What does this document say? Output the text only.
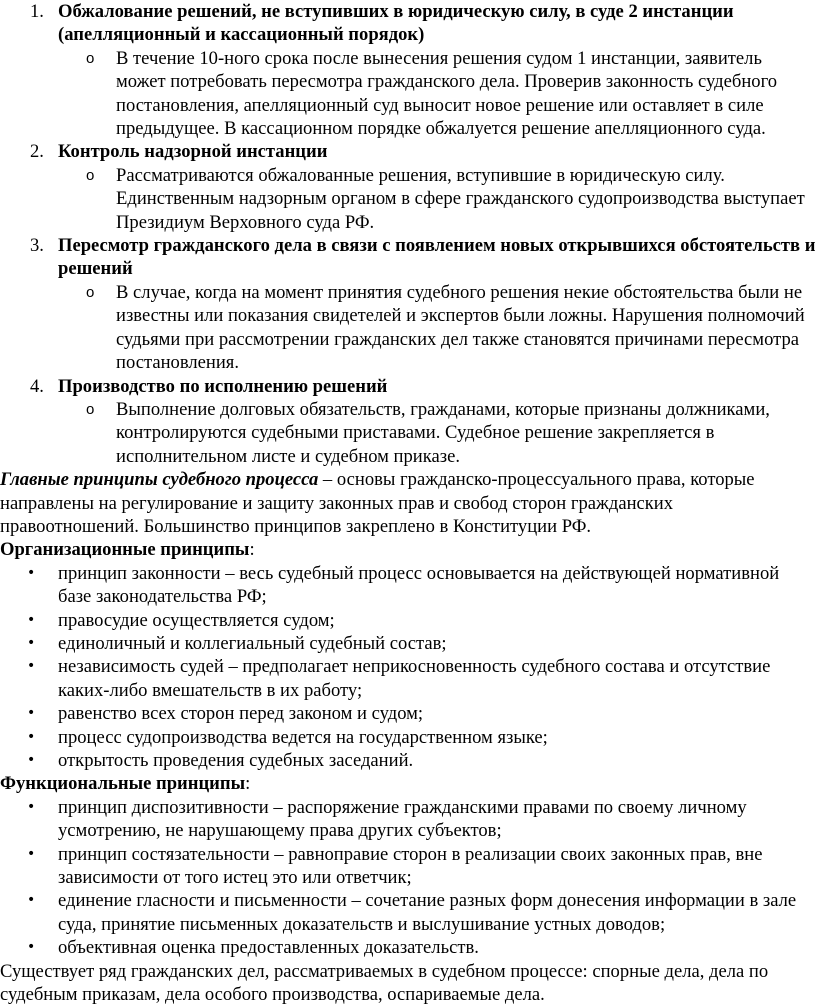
1. Обжалование решений, не вступивших в юридическую силу, в суде 2 инстанции (апелляционный и кассационный порядок)
o В течение 10-ного срока после вынесения решения судом 1 инстанции, заявитель может потребовать пересмотра гражданского дела. Проверив законность судебного постановления, апелляционный суд выносит новое решение или оставляет в силе предыдущее. В кассационном порядке обжалуется решение апелляционного суда.
2. Контроль надзорной инстанции
o Рассматриваются обжалованные решения, вступившие в юридическую силу. Единственным надзорным органом в сфере гражданского судопроизводства выступает Президиум Верховного суда РФ.
3. Пересмотр гражданского дела в связи с появлением новых открывшихся обстоятельств и решений
o В случае, когда на момент принятия судебного решения некие обстоятельства были не известны или показания свидетелей и экспертов были ложны. Нарушения полномочий судьями при рассмотрении гражданских дел также становятся причинами пересмотра постановления.
4. Производство по исполнению решений
o Выполнение долговых обязательств, гражданами, которые признаны должниками, контролируются судебными приставами. Судебное решение закрепляется в исполнительном листе и судебном приказе.

Главные принципы судебного процесса – основы гражданско-процессуального права, которые направлены на регулирование и защиту законных прав и свобод сторон гражданских правоотношений. Большинство принципов закреплено в Конституции РФ.

Организационные принципы:

• принцип законности – весь судебный процесс основывается на действующей нормативной базе законодательства РФ;
• правосудие осуществляется судом;
• единоличный и коллегиальный судебный состав;
• независимость судей – предполагает неприкосновенность судебного состава и отсутствие каких-либо вмешательств в их работу;
• равенство всех сторон перед законом и судом;
• процесс судопроизводства ведется на государственном языке;
• открытость проведения судебных заседаний.

Функциональные принципы:

• принцип диспозитивности – распоряжение гражданскими правами по своему личному усмотрению, не нарушающему права других субъектов;
• принцип состязательности – равноправие сторон в реализации своих законных прав, вне зависимости от того истец это или ответчик;
• единение гласности и письменности – сочетание разных форм донесения информации в зале суда, принятие письменных доказательств и выслушивание устных доводов;
• объективная оценка предоставленных доказательств.

Существует ряд гражданских дел, рассматриваемых в судебном процессе: спорные дела, дела по судебным приказам, дела особого производства, оспариваемые дела.
